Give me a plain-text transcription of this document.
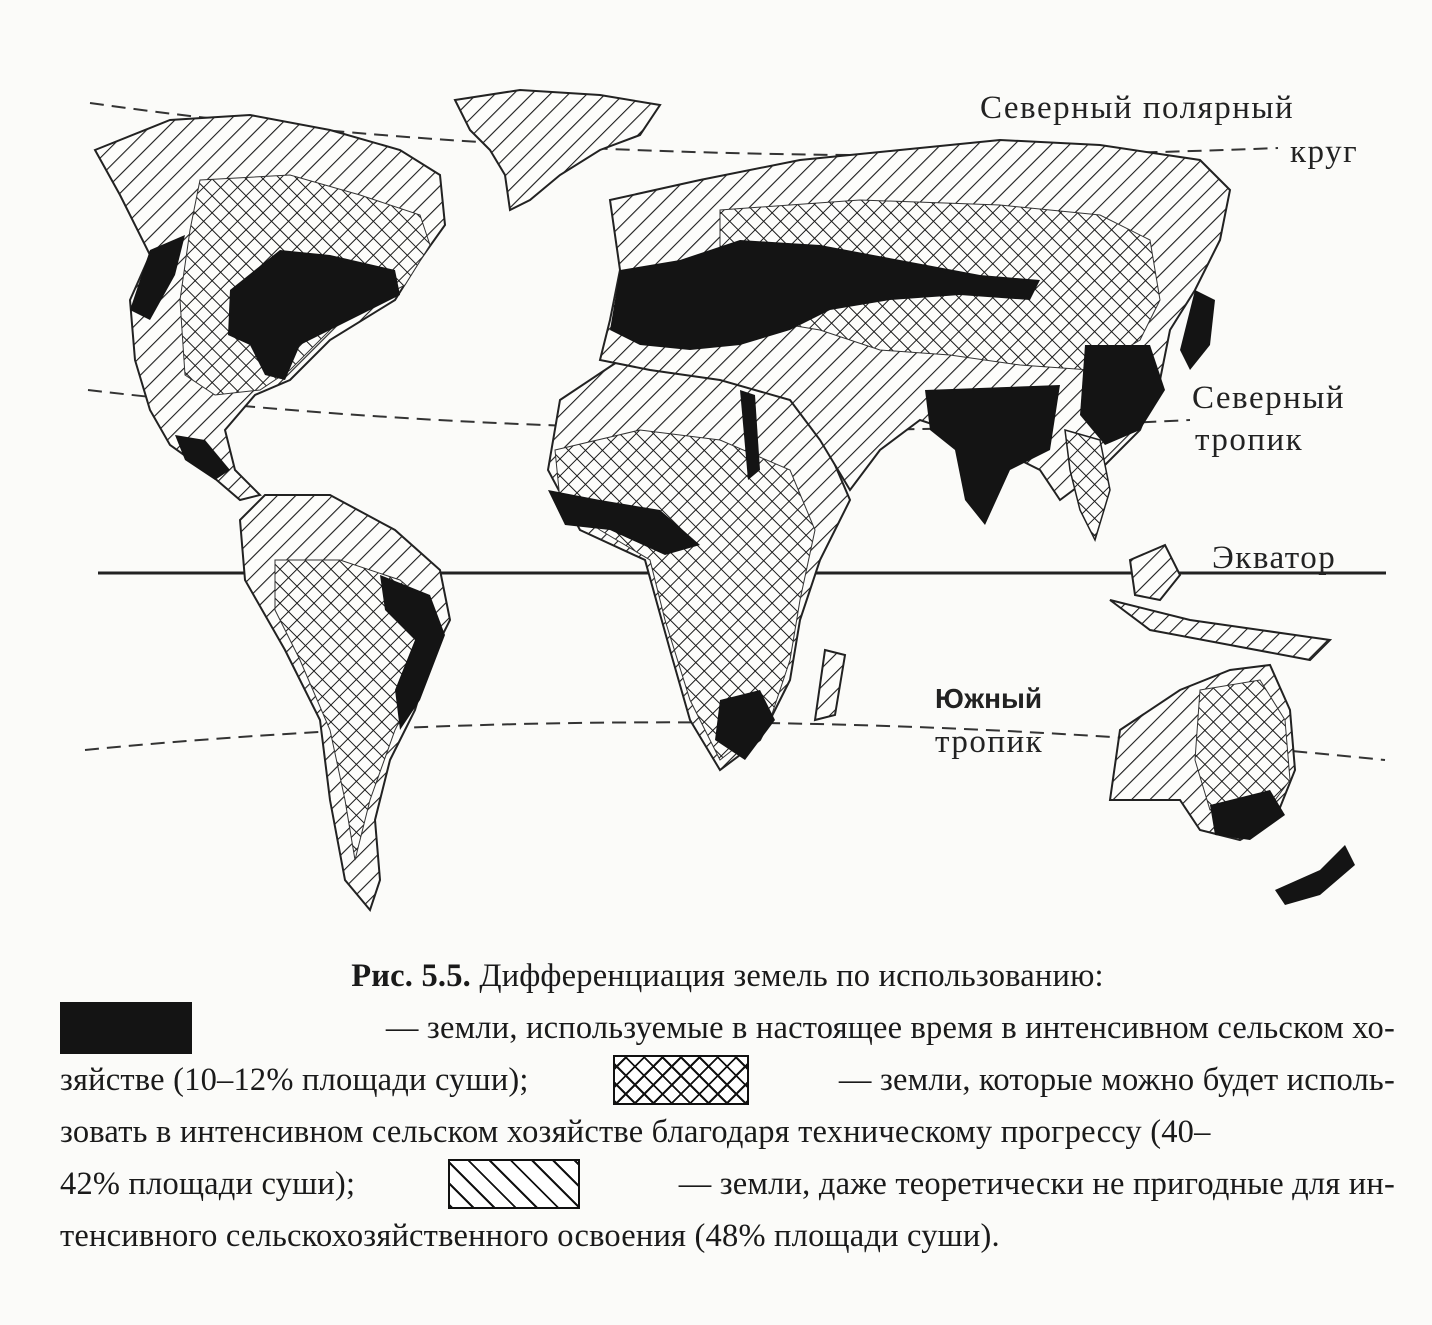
Северный полярный
круг
Северный
тропик
Экватор
Южный
тропик
Рис. 5.5. Дифференциация земель по использованию:
— земли, используемые в настоящее время в интенсивном сельском хо-
зяйстве (10–12% площади суши);	— земли, которые можно будет исполь-
зовать в интенсивном сельском хозяйстве благодаря техническому прогрессу (40–
42% площади суши);	— земли, даже теоретически не пригодные для ин-
тенсивного сельскохозяйственного освоения (48% площади суши).
